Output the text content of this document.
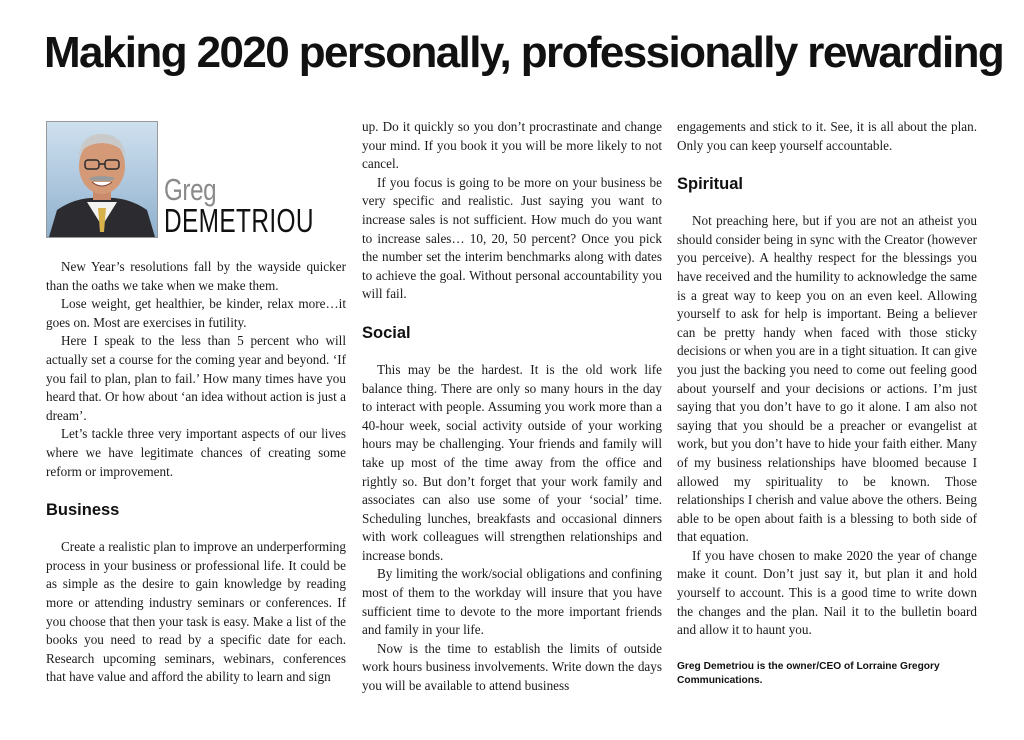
Making 2020 personally, professionally rewarding
Greg
DEMETRIOU

New Year’s resolutions fall by the wayside quicker than the oaths we take when we make them.

Lose weight, get healthier, be kinder, relax more…it goes on. Most are exercises in futility.

Here I speak to the less than 5 percent who will actually set a course for the coming year and beyond. ‘If you fail to plan, plan to fail.’ How many times have you heard that. Or how about ‘an idea without action is just a dream’.

Let’s tackle three very important aspects of our lives where we have legitimate chances of creating some reform or improvement.

Business

Create a realistic plan to improve an underperforming process in your business or professional life. It could be as simple as the desire to gain knowledge by reading more or attending industry seminars or conferences. If you choose that then your task is easy. Make a list of the books you need to read by a specific date for each. Research upcoming seminars, webinars, conferences that have value and afford the ability to learn and sign

up. Do it quickly so you don’t procrastinate and change your mind. If you book it you will be more likely to not cancel.

If you focus is going to be more on your business be very specific and realistic. Just saying you want to increase sales is not sufficient. How much do you want to increase sales… 10, 20, 50 percent? Once you pick the number set the interim benchmarks along with dates to achieve the goal. Without personal accountability you will fail.

Social

This may be the hardest. It is the old work life balance thing. There are only so many hours in the day to interact with people. Assuming you work more than a 40-hour week, social activity outside of your working hours may be challenging. Your friends and family will take up most of the time away from the office and rightly so. But don’t forget that your work family and associates can also use some of your ‘social’ time. Scheduling lunches, breakfasts and occasional dinners with work colleagues will strengthen relationships and increase bonds.

By limiting the work/social obligations and confining most of them to the workday will insure that you have sufficient time to devote to the more important friends and family in your life.

Now is the time to establish the limits of outside work hours business involvements. Write down the days you will be available to attend business

engagements and stick to it. See, it is all about the plan. Only you can keep yourself accountable.

Spiritual

Not preaching here, but if you are not an atheist you should consider being in sync with the Creator (however you perceive). A healthy respect for the blessings you have received and the humility to acknowledge the same is a great way to keep you on an even keel. Allowing yourself to ask for help is important. Being a believer can be pretty handy when faced with those sticky decisions or when you are in a tight situation. It can give you just the backing you need to come out feeling good about yourself and your decisions or actions. I’m just saying that you don’t have to go it alone. I am also not saying that you should be a preacher or evangelist at work, but you don’t have to hide your faith either. Many of my business relationships have bloomed because I allowed my spirituality to be known. Those relationships I cherish and value above the others. Being able to be open about faith is a blessing to both side of that equation.

If you have chosen to make 2020 the year of change make it count. Don’t just say it, but plan it and hold yourself to account. This is a good time to write down the changes and the plan. Nail it to the bulletin board and allow it to haunt you.

Greg Demetriou is the owner/CEO of Lorraine Gregory Communications.
